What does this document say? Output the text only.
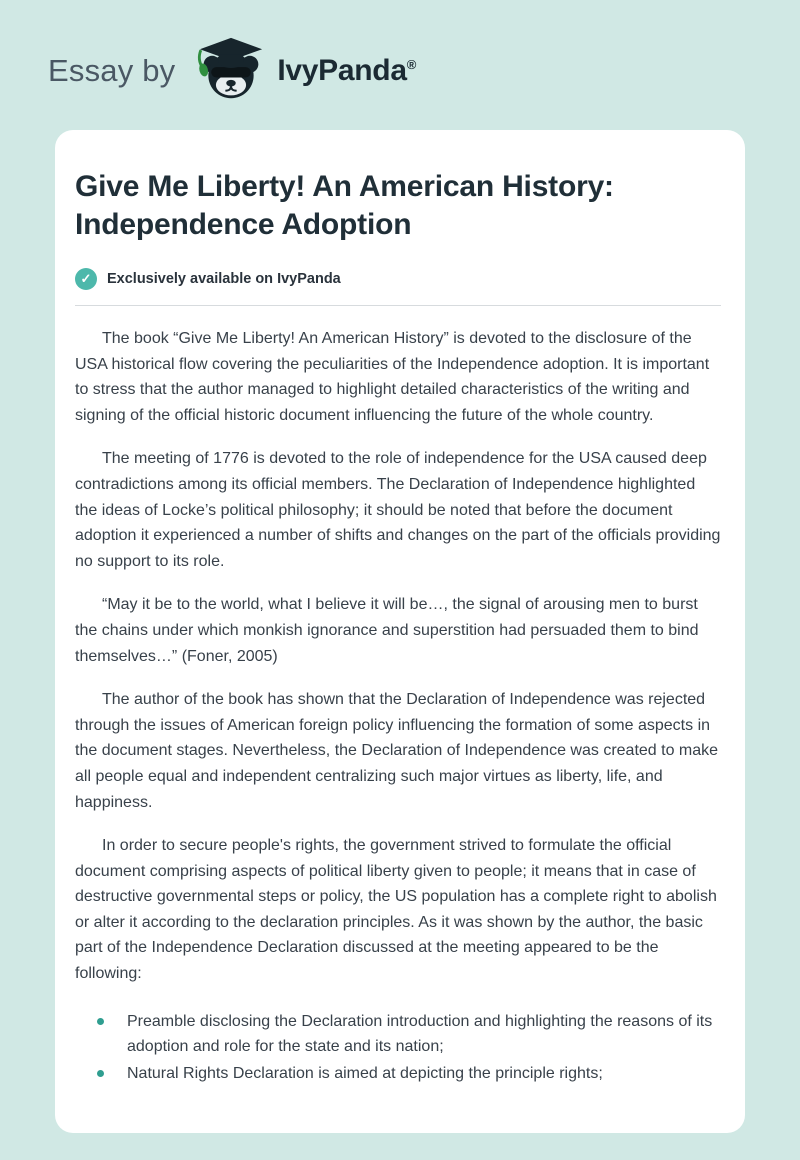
Essay by	IvyPanda®
Give Me Liberty! An American History: Independence Adoption
✓	Exclusively available on IvyPanda

The book “Give Me Liberty! An American History” is devoted to the disclosure of the USA historical flow covering the peculiarities of the Independence adoption. It is important to stress that the author managed to highlight detailed characteristics of the writing and signing of the official historic document influencing the future of the whole country.

The meeting of 1776 is devoted to the role of independence for the USA caused deep contradictions among its official members. The Declaration of Independence highlighted the ideas of Locke’s political philosophy; it should be noted that before the document adoption it experienced a number of shifts and changes on the part of the officials providing no support to its role.

“May it be to the world, what I believe it will be…, the signal of arousing men to burst the chains under which monkish ignorance and superstition had persuaded them to bind themselves…” (Foner, 2005)

The author of the book has shown that the Declaration of Independence was rejected through the issues of American foreign policy influencing the formation of some aspects in the document stages. Nevertheless, the Declaration of Independence was created to make all people equal and independent centralizing such major virtues as liberty, life, and happiness.

In order to secure people's rights, the government strived to formulate the official document comprising aspects of political liberty given to people; it means that in case of destructive governmental steps or policy, the US population has a complete right to abolish or alter it according to the declaration principles. As it was shown by the author, the basic part of the Independence Declaration discussed at the meeting appeared to be the following:

Preamble disclosing the Declaration introduction and highlighting the reasons of its adoption and role for the state and its nation;
Natural Rights Declaration is aimed at depicting the principle rights;
